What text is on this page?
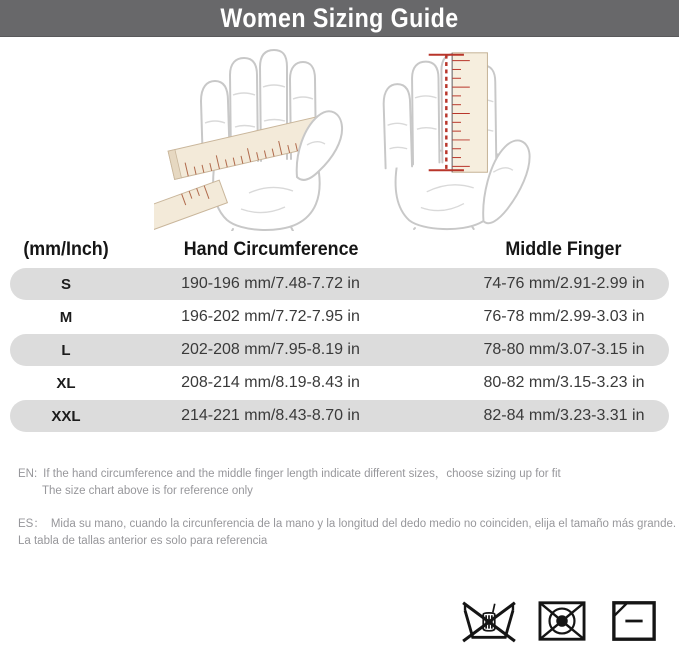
Women Sizing Guide
(mm/Inch)	Hand Circumference	Middle Finger
S	190-196 mm/7.48-7.72 in	74-76 mm/2.91-2.99 in
M	196-202 mm/7.72-7.95 in	76-78 mm/2.99-3.03 in
L	202-208 mm/7.95-8.19 in	78-80 mm/3.07-3.15 in
XL	208-214 mm/8.19-8.43 in	80-82 mm/3.15-3.23 in
XXL	214-221 mm/8.43-8.70 in	82-84 mm/3.23-3.31 in
EN: If the hand circumference and the middle finger length indicate different sizes，choose sizing up for fit
The size chart above is for reference only
ES： Mida su mano, cuando la circunferencia de la mano y la longitud del dedo medio no coinciden, elija el tamaño más grande.
La tabla de tallas anterior es solo para referencia
